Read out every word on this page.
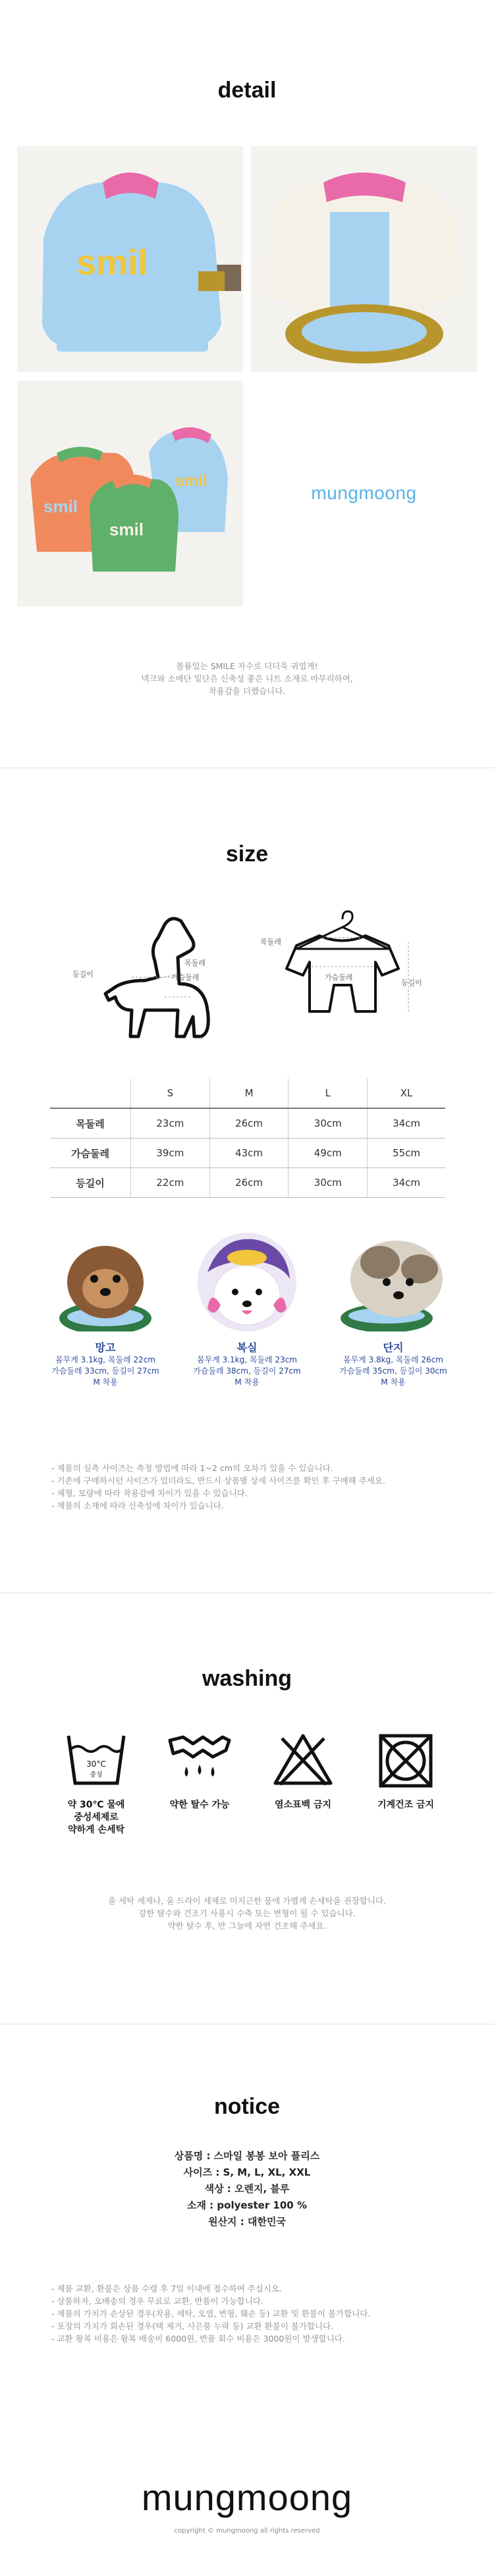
detail
smil
smil
smil
smil
mungmoong
볼륨있는 SMILE 자수로 더더욱 귀엽게!
넥크와 소매단 밑단은 신축성 좋은 니트 소재로 마무리하여,
착용감을 더했습니다.
size
등길이
목둘레
가슴둘레
목둘레
가슴둘레
등길이
	S	M	L	XL
목둘레	23cm	26cm	30cm	34cm
가슴둘레	39cm	43cm	49cm	55cm
등길이	22cm	26cm	30cm	34cm
망고
몸무게 3.1kg, 목둘레 22cm
가슴둘레 33cm, 등길이 27cm
M 착용
복실
몸무게 3.1kg, 목둘레 23cm
가슴둘레 38cm, 등길이 27cm
M 착용
단지
몸무게 3.8kg, 목둘레 26cm
가슴둘레 35cm, 등길이 30cm
M 착용
- 제품의 실측 사이즈는 측정 방법에 따라 1~2 cm의 오차가 있을 수 있습니다.
- 기존에 구매하시던 사이즈가 있더라도, 반드시 상품별 상세 사이즈를 확인 후 구매해 주세요.
- 체형, 모량에 따라 착용감에 차이가 있을 수 있습니다.
- 제품의 소재에 따라 신축성에 차이가 있습니다.
washing
30°C
중성
약 30℃ 물에
중성세제로
약하게 손세탁
약한 탈수 가능	염소표백 금지	기계건조 금지
울 세탁 세제나, 울 드라이 세제로 미지근한 물에 가볍게 손세탁을 권장합니다.
강한 탈수와 건조기 사용시 수축 또는 변형이 될 수 있습니다.
약한 탈수 후, 반 그늘에 자연 건조해 주세요.
notice
상품명 : 스마일 봉봉 보아 플리스
사이즈 : S, M, L, XL, XXL
색상 : 오렌지, 블루
소재 : polyester 100 %
원산지 : 대한민국
- 제품 교환, 환불은 상품 수령 후 7일 이내에 접수하여 주십시오.
- 상품하자, 오배송의 경우 무료로 교환, 반품이 가능합니다.
- 제품의 가치가 손상된 경우(착용, 세탁, 오염, 변형, 훼손 등) 교환 및 환불이 불가합니다.
- 포장의 가치가 회손된 경우(택 제거, 사은품 누락 등) 교환 환불이 불가합니다.
- 교환 왕복 비용은 왕복 배송비 6000원, 반품 회수 비용은 3000원이 발생합니다.
mungmoong
copyright © mungmoong all rights reserved
